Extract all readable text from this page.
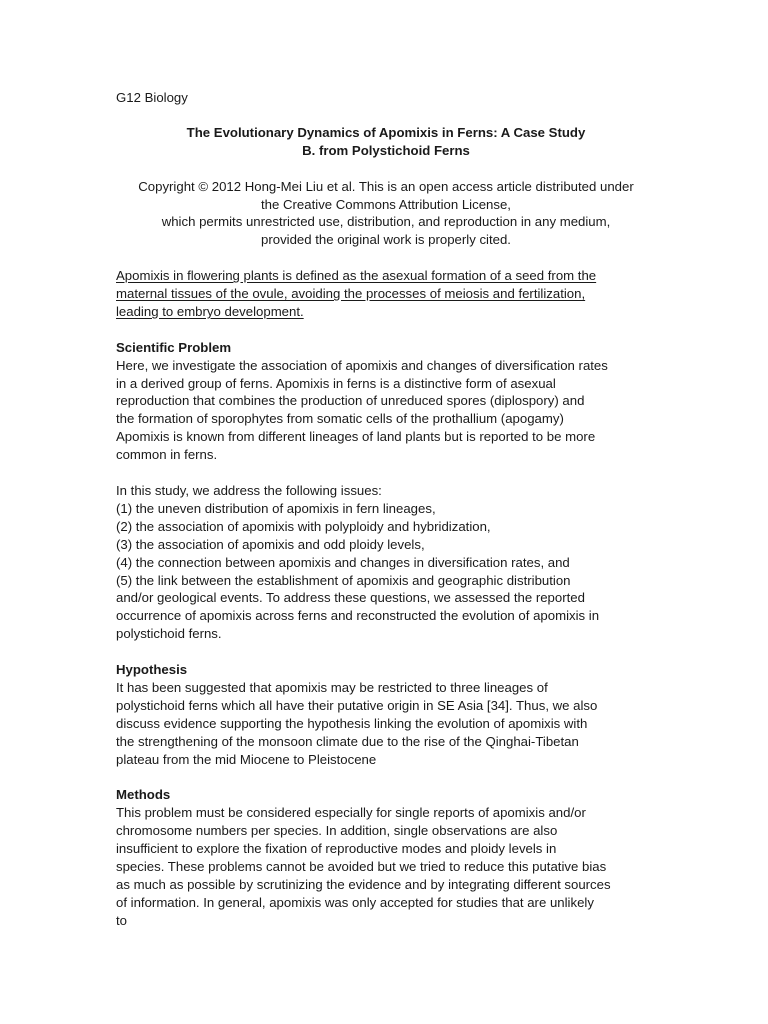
G12 Biology
The Evolutionary Dynamics of Apomixis in Ferns: A Case Study
B. from Polystichoid Ferns
Copyright © 2012 Hong-Mei Liu et al. This is an open access article distributed under
the Creative Commons Attribution License,
which permits unrestricted use, distribution, and reproduction in any medium,
provided the original work is properly cited.
Apomixis in flowering plants is defined as the asexual formation of a seed from the
maternal tissues of the ovule, avoiding the processes of meiosis and fertilization,
leading to embryo development.
Scientific Problem
Here, we investigate the association of apomixis and changes of diversification rates
in a derived group of ferns. Apomixis in ferns is a distinctive form of asexual
reproduction that combines the production of unreduced spores (diplospory) and
the formation of sporophytes from somatic cells of the prothallium (apogamy)
Apomixis is known from different lineages of land plants but is reported to be more
common in ferns.
In this study, we address the following issues:
(1) the uneven distribution of apomixis in fern lineages,
(2) the association of apomixis with polyploidy and hybridization,
(3) the association of apomixis and odd ploidy levels,
(4) the connection between apomixis and changes in diversification rates, and
(5) the link between the establishment of apomixis and geographic distribution
and/or geological events. To address these questions, we assessed the reported
occurrence of apomixis across ferns and reconstructed the evolution of apomixis in
polystichoid ferns.
Hypothesis
It has been suggested that apomixis may be restricted to three lineages of
polystichoid ferns which all have their putative origin in SE Asia [34]. Thus, we also
discuss evidence supporting the hypothesis linking the evolution of apomixis with
the strengthening of the monsoon climate due to the rise of the Qinghai-Tibetan
plateau from the mid Miocene to Pleistocene
Methods
This problem must be considered especially for single reports of apomixis and/or
chromosome numbers per species. In addition, single observations are also
insufficient to explore the fixation of reproductive modes and ploidy levels in
species. These problems cannot be avoided but we tried to reduce this putative bias
as much as possible by scrutinizing the evidence and by integrating different sources
of information. In general, apomixis was only accepted for studies that are unlikely
to
